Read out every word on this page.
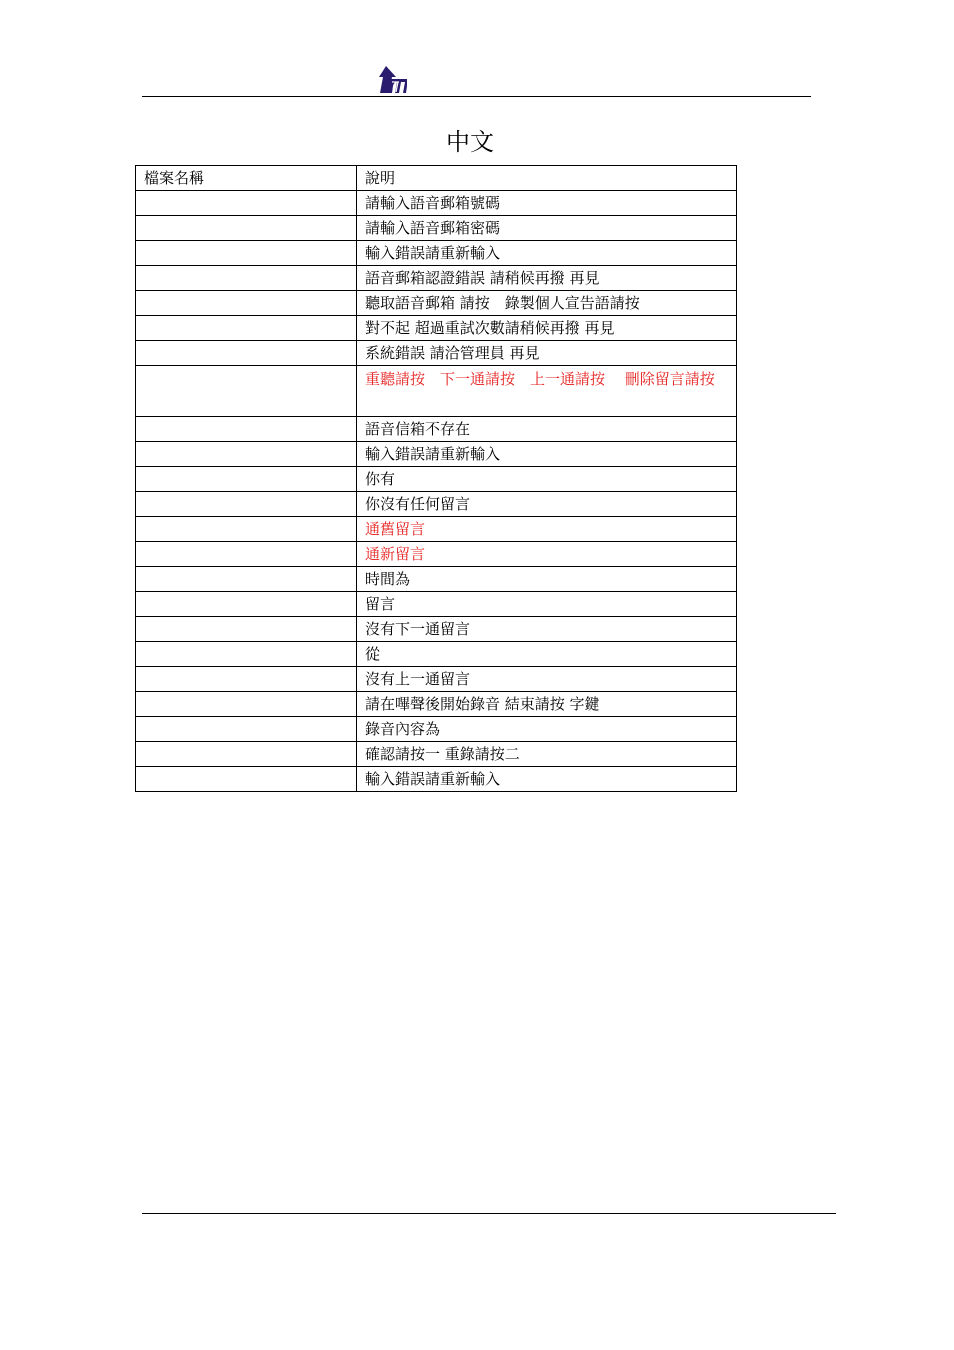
中文
檔案名稱	說明
	請輸入語音郵箱號碼
	請輸入語音郵箱密碼
	輸入錯誤請重新輸入
	語音郵箱認證錯誤 請稍候再撥 再見
	聽取語音郵箱 請按　錄製個人宣告語請按
	對不起 超過重試次數請稍候再撥 再見
	系統錯誤 請洽管理員 再見
	重聽請按　下一通請按　上一通請按　 刪除留言請按
	語音信箱不存在
	輸入錯誤請重新輸入
	你有
	你沒有任何留言
	通舊留言
	通新留言
	時間為
	留言
	沒有下一通留言
	從
	沒有上一通留言
	請在嗶聲後開始錄音 結束請按 字鍵
	錄音內容為
	確認請按一 重錄請按二
	輸入錯誤請重新輸入
